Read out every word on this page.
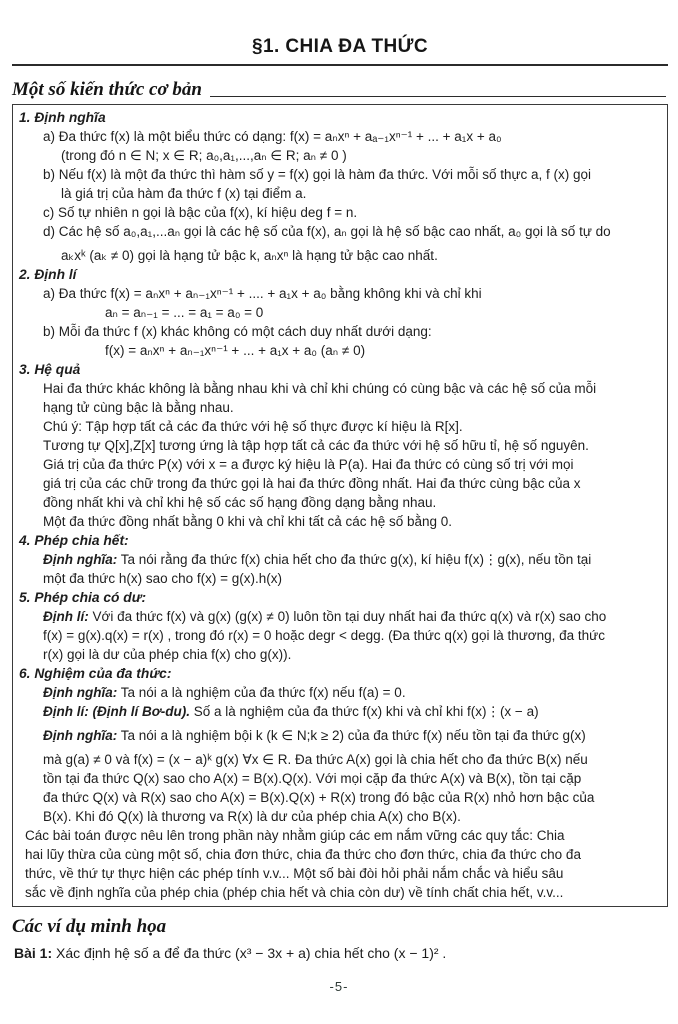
§1. CHIA ĐA THỨC
Một số kiến thức cơ bản
1. Định nghĩa
a) Đa thức f(x) là một biểu thức có dạng: f(x) = aₙxⁿ + aₐ₋₁xⁿ⁻¹ + ... + a₁x + a₀
(trong đó n ∈ N; x ∈ R; a₀,a₁,...,aₙ ∈ R; aₙ ≠ 0 )
b) Nếu f(x) là một đa thức thì hàm số y = f(x) gọi là hàm đa thức. Với mỗi số thực a, f (x) gọi
là giá trị của hàm đa thức f (x) tại điểm a.
c) Số tự nhiên n gọi là bậc của f(x), kí hiệu deg f = n.
d) Các hệ số a₀,a₁,...aₙ gọi là các hệ số của f(x), aₙ gọi là hệ số bậc cao nhất, a₀ gọi là số tự do
aₖxᵏ (aₖ ≠ 0) gọi là hạng tử bậc k, aₙxⁿ là hạng tử bậc cao nhất.
2. Định lí
a) Đa thức f(x) = aₙxⁿ + aₙ₋₁xⁿ⁻¹ + .... + a₁x + a₀ bằng không khi và chỉ khi
aₙ = aₙ₋₁ = ... = a₁ = a₀ = 0
b) Mỗi đa thức f (x) khác không có một cách duy nhất dưới dạng:
f(x) = aₙxⁿ + aₙ₋₁xⁿ⁻¹ + ... + a₁x + a₀ (aₙ ≠ 0)
3. Hệ quả
Hai đa thức khác không là bằng nhau khi và chỉ khi chúng có cùng bậc và các hệ số của mỗi
hạng tử cùng bậc là bằng nhau.
Chú ý: Tập hợp tất cả các đa thức với hệ số thực được kí hiệu là R[x].
Tương tự Q[x],Z[x] tương ứng là tập hợp tất cả các đa thức với hệ số hữu tỉ, hệ số nguyên.
Giá trị của đa thức P(x) với x = a được ký hiệu là P(a). Hai đa thức có cùng số trị với mọi
giá trị của các chữ trong đa thức gọi là hai đa thức đồng nhất. Hai đa thức cùng bậc của x
đồng nhất khi và chỉ khi hệ số các số hạng đồng dạng bằng nhau.
Một đa thức đồng nhất bằng 0 khi và chỉ khi tất cả các hệ số bằng 0.
4. Phép chia hết:
Định nghĩa: Ta nói rằng đa thức f(x) chia hết cho đa thức g(x), kí hiệu f(x)⋮g(x), nếu tồn tại
một đa thức h(x) sao cho f(x) = g(x).h(x)
5. Phép chia có dư:
Định lí: Với đa thức f(x) và g(x) (g(x) ≠ 0) luôn tồn tại duy nhất hai đa thức q(x) và r(x) sao cho
f(x) = g(x).q(x) = r(x) , trong đó r(x) = 0 hoặc degr < degg. (Đa thức q(x) gọi là thương, đa thức
r(x) gọi là dư của phép chia f(x) cho g(x)).
6. Nghiệm của đa thức:
Định nghĩa: Ta nói a là nghiệm của đa thức f(x) nếu f(a) = 0.
Định lí: (Định lí Bơ-du). Số a là nghiệm của đa thức f(x) khi và chỉ khi f(x)⋮(x − a)
Định nghĩa: Ta nói a là nghiệm bội k (k ∈ N;k ≥ 2) của đa thức f(x) nếu tồn tại đa thức g(x)
mà g(a) ≠ 0 và f(x) = (x − a)ᵏ g(x) ∀x ∈ R. Đa thức A(x) gọi là chia hết cho đa thức B(x) nếu
tồn tại đa thức Q(x) sao cho A(x) = B(x).Q(x). Với mọi cặp đa thức A(x) và B(x), tồn tại cặp
đa thức Q(x) và R(x) sao cho A(x) = B(x).Q(x) + R(x) trong đó bậc của R(x) nhỏ hơn bậc của
B(x). Khi đó Q(x) là thương va R(x) là dư của phép chia A(x) cho B(x).
Các bài toán được nêu lên trong phần này nhằm giúp các em nắm vững các quy tắc: Chia
hai lũy thừa của cùng một số, chia đơn thức, chia đa thức cho đơn thức, chia đa thức cho đa
thức, về thứ tự thực hiện các phép tính v.v... Một số bài đòi hỏi phải nắm chắc và hiểu sâu
sắc về định nghĩa của phép chia (phép chia hết và chia còn dư) về tính chất chia hết, v.v...
Các ví dụ minh họa
Bài 1: Xác định hệ số a để đa thức (x³ − 3x + a) chia hết cho (x − 1)² .
-5-
